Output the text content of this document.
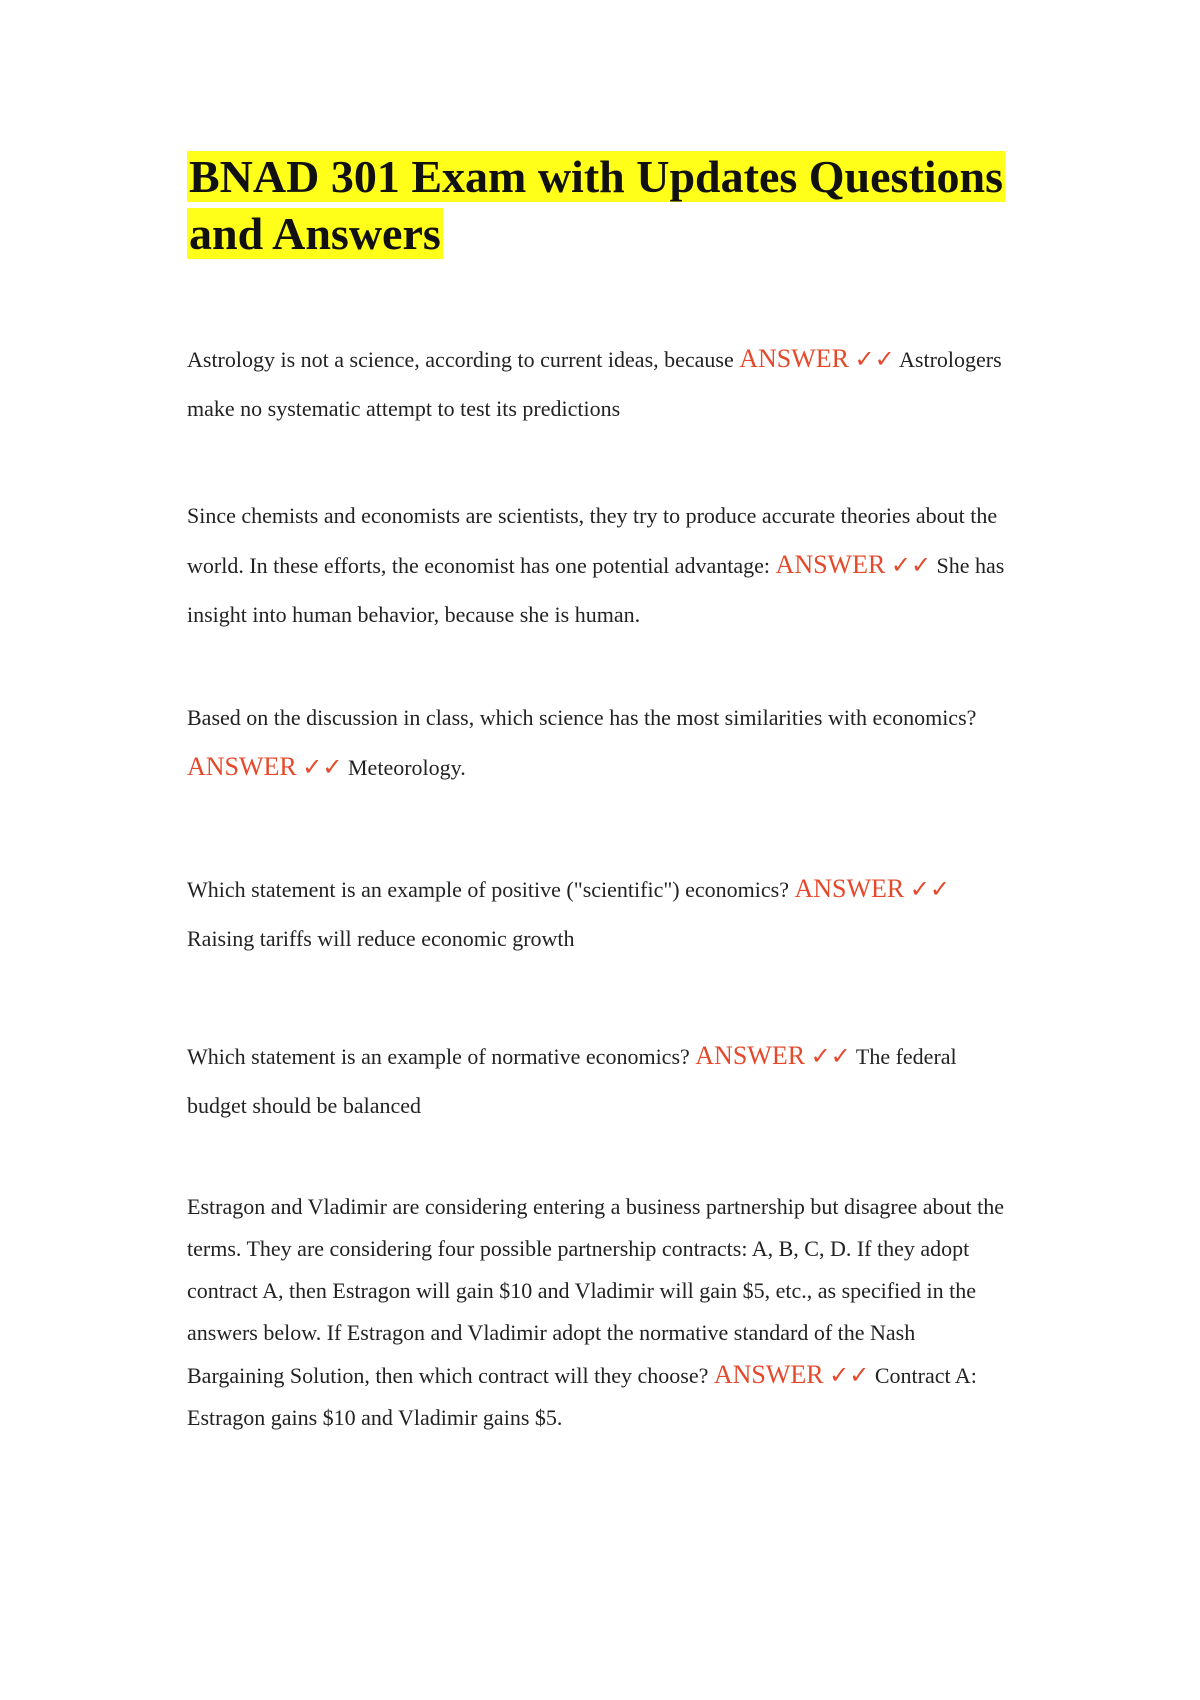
BNAD 301 Exam with Updates Questions and Answers

Astrology is not a science, according to current ideas, because ANSWER ✓✓ Astrologers make no systematic attempt to test its predictions

Since chemists and economists are scientists, they try to produce accurate theories about the world. In these efforts, the economist has one potential advantage: ANSWER ✓✓ She has insight into human behavior, because she is human.

Based on the discussion in class, which science has the most similarities with economics? ANSWER ✓✓ Meteorology.

Which statement is an example of positive ("scientific") economics? ANSWER ✓✓ Raising tariffs will reduce economic growth

Which statement is an example of normative economics? ANSWER ✓✓ The federal budget should be balanced

Estragon and Vladimir are considering entering a business partnership but disagree about the terms. They are considering four possible partnership contracts: A, B, C, D. If they adopt contract A, then Estragon will gain $10 and Vladimir will gain $5, etc., as specified in the answers below. If Estragon and Vladimir adopt the normative standard of the Nash Bargaining Solution, then which contract will they choose? ANSWER ✓✓ Contract A: Estragon gains $10 and Vladimir gains $5.
